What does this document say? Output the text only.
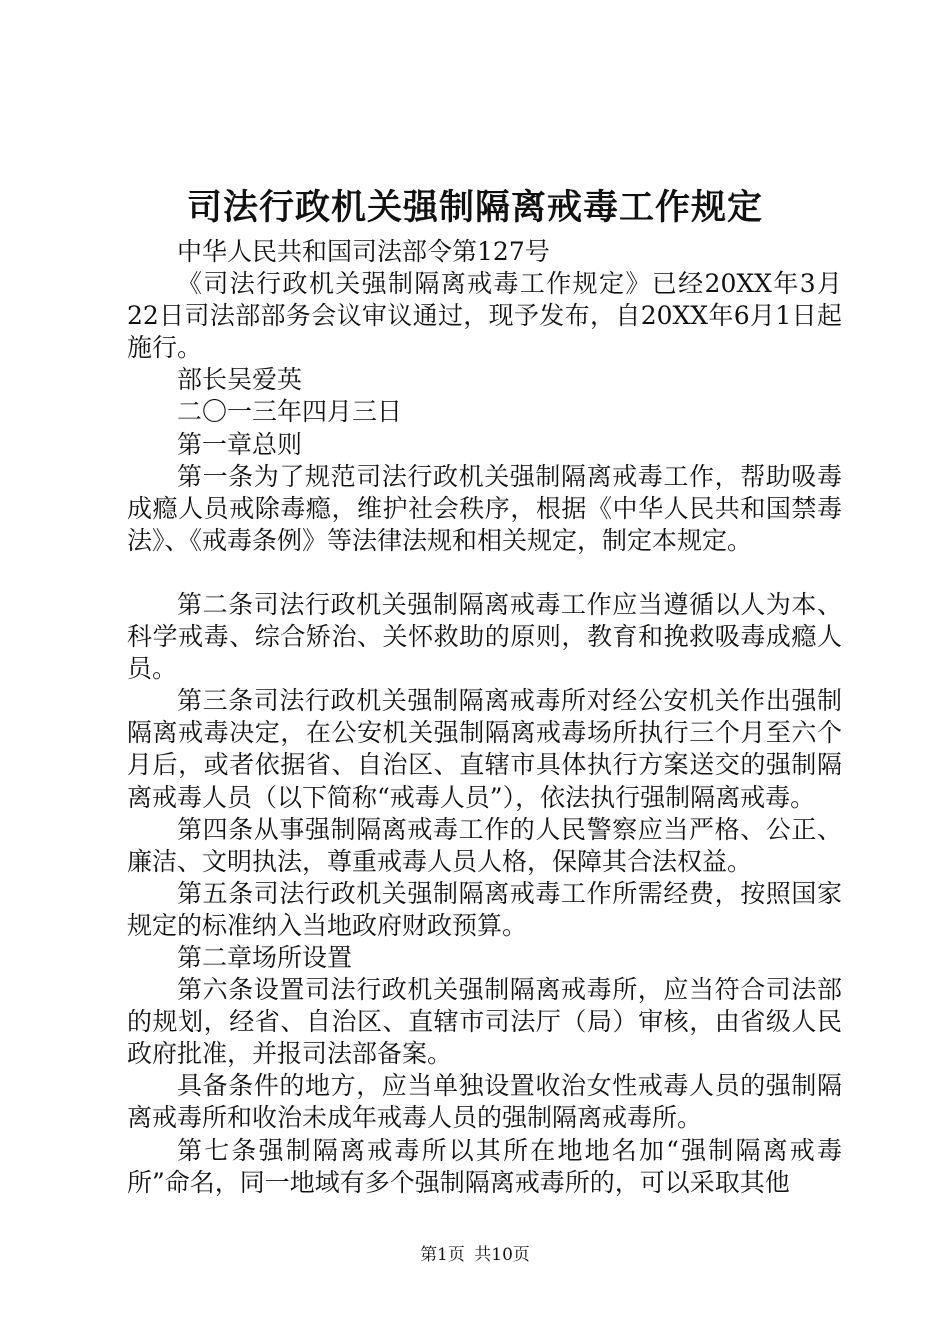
司法行政机关强制隔离戒毒工作规定

中华人民共和国司法部令第127号

《司法行政机关强制隔离戒毒工作规定》已经20XX年3月22日司法部部务会议审议通过，现予发布，自20XX年6月1日起施行。

部长吴爱英

二〇一三年四月三日

第一章总则

第一条为了规范司法行政机关强制隔离戒毒工作，帮助吸毒成瘾人员戒除毒瘾，维护社会秩序，根据《中华人民共和国禁毒法》、《戒毒条例》等法律法规和相关规定，制定本规定。

第二条司法行政机关强制隔离戒毒工作应当遵循以人为本、科学戒毒、综合矫治、关怀救助的原则，教育和挽救吸毒成瘾人员。

第三条司法行政机关强制隔离戒毒所对经公安机关作出强制隔离戒毒决定，在公安机关强制隔离戒毒场所执行三个月至六个月后，或者依据省、自治区、直辖市具体执行方案送交的强制隔离戒毒人员（以下简称“戒毒人员”），依法执行强制隔离戒毒。

第四条从事强制隔离戒毒工作的人民警察应当严格、公正、廉洁、文明执法，尊重戒毒人员人格，保障其合法权益。

第五条司法行政机关强制隔离戒毒工作所需经费，按照国家规定的标准纳入当地政府财政预算。

第二章场所设置

第六条设置司法行政机关强制隔离戒毒所，应当符合司法部的规划，经省、自治区、直辖市司法厅（局）审核，由省级人民政府批准，并报司法部备案。

具备条件的地方，应当单独设置收治女性戒毒人员的强制隔离戒毒所和收治未成年戒毒人员的强制隔离戒毒所。

第七条强制隔离戒毒所以其所在地地名加“强制隔离戒毒所”命名，同一地域有多个强制隔离戒毒所的，可以采取其他

第1页 共10页
